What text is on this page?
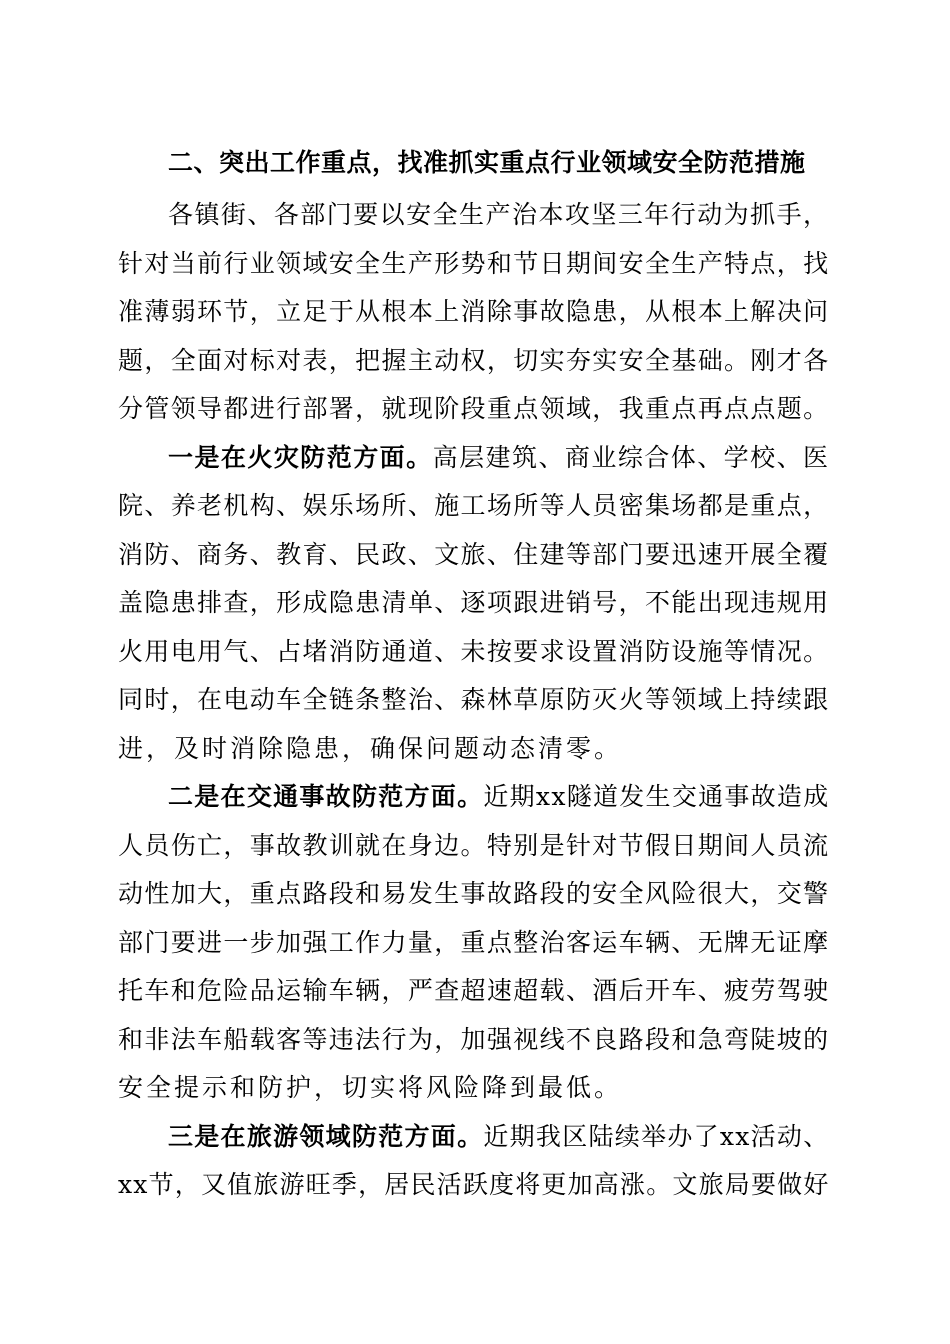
二、突出工作重点，找准抓实重点行业领域安全防范措施
各镇街、各部门要以安全生产治本攻坚三年行动为抓手，
针对当前行业领域安全生产形势和节日期间安全生产特点，找
准薄弱环节，立足于从根本上消除事故隐患，从根本上解决问
题，全面对标对表，把握主动权，切实夯实安全基础。刚才各
分管领导都进行部署，就现阶段重点领域，我重点再点点题。
一是在火灾防范方面。高层建筑、商业综合体、学校、医
院、养老机构、娱乐场所、施工场所等人员密集场都是重点，
消防、商务、教育、民政、文旅、住建等部门要迅速开展全覆
盖隐患排查，形成隐患清单、逐项跟进销号，不能出现违规用
火用电用气、占堵消防通道、未按要求设置消防设施等情况。
同时，在电动车全链条整治、森林草原防灭火等领域上持续跟
进，及时消除隐患，确保问题动态清零。
二是在交通事故防范方面。近期xx隧道发生交通事故造成
人员伤亡，事故教训就在身边。特别是针对节假日期间人员流
动性加大，重点路段和易发生事故路段的安全风险很大，交警
部门要进一步加强工作力量，重点整治客运车辆、无牌无证摩
托车和危险品运输车辆，严查超速超载、酒后开车、疲劳驾驶
和非法车船载客等违法行为，加强视线不良路段和急弯陡坡的
安全提示和防护，切实将风险降到最低。
三是在旅游领域防范方面。近期我区陆续举办了xx活动、
xx节，又值旅游旺季，居民活跃度将更加高涨。文旅局要做好
